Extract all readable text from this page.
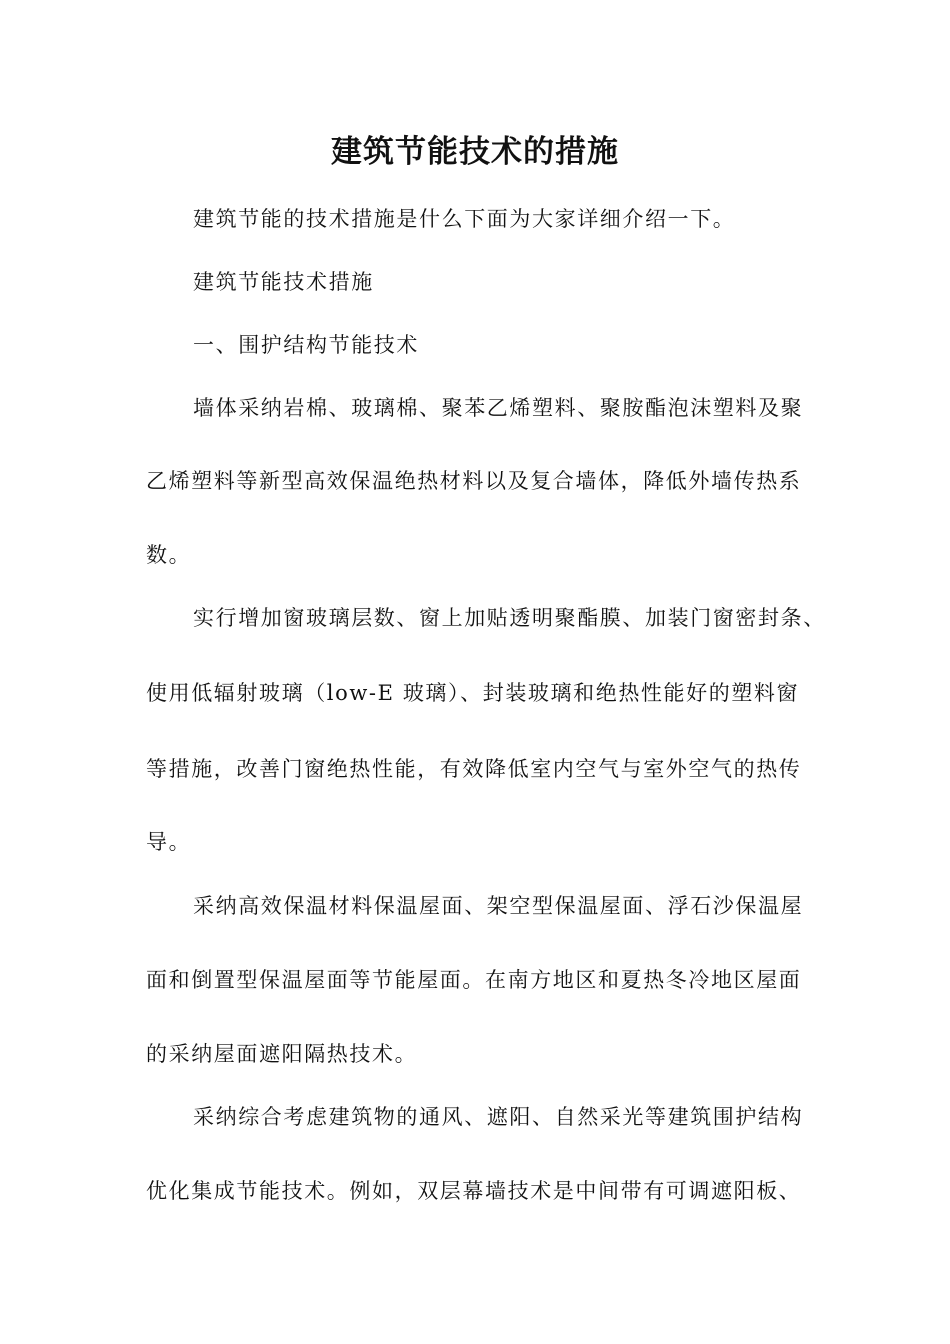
建筑节能技术的措施

建筑节能的技术措施是什么下面为大家详细介绍一下。

建筑节能技术措施

一、围护结构节能技术

墙体采纳岩棉、玻璃棉、聚苯乙烯塑料、聚胺酯泡沫塑料及聚

乙烯塑料等新型高效保温绝热材料以及复合墙体，降低外墙传热系

数。

实行增加窗玻璃层数、窗上加贴透明聚酯膜、加装门窗密封条、

使用低辐射玻璃（low-E 玻璃）、封装玻璃和绝热性能好的塑料窗

等措施，改善门窗绝热性能，有效降低室内空气与室外空气的热传

导。

采纳高效保温材料保温屋面、架空型保温屋面、浮石沙保温屋

面和倒置型保温屋面等节能屋面。在南方地区和夏热冬冷地区屋面

的采纳屋面遮阳隔热技术。

采纳综合考虑建筑物的通风、遮阳、自然采光等建筑围护结构

优化集成节能技术。例如，双层幕墙技术是中间带有可调遮阳板、
